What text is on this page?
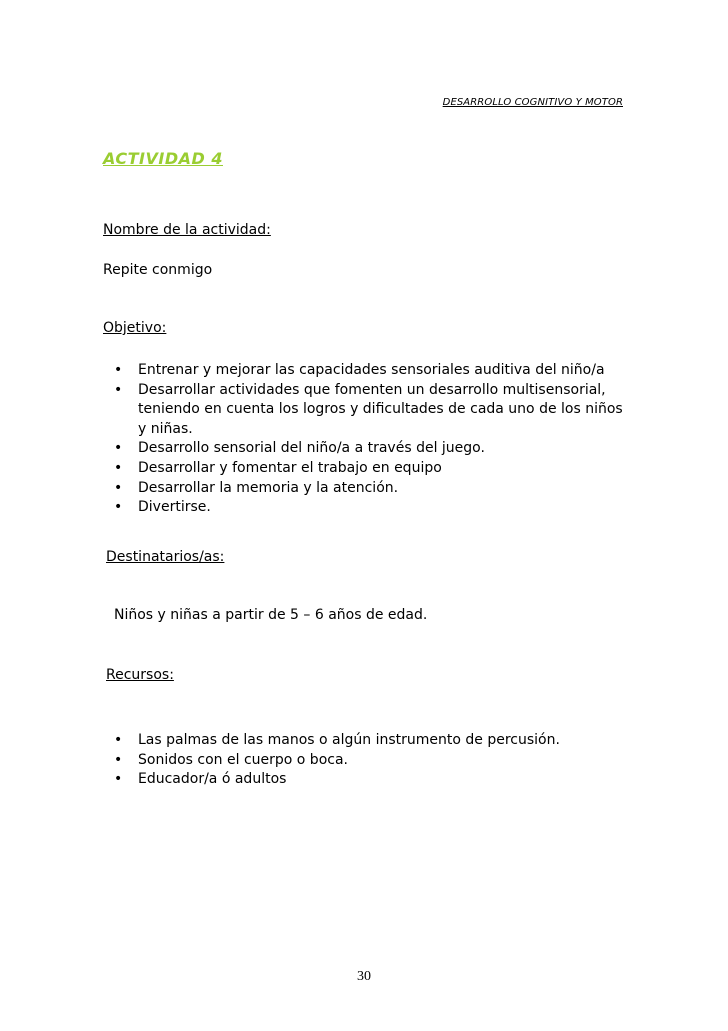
DESARROLLO COGNITIVO Y MOTOR
ACTIVIDAD 4
Nombre de la actividad:
Repite conmigo
Objetivo:
•	Entrenar y mejorar las capacidades sensoriales auditiva del niño/a
•	Desarrollar actividades que fomenten un desarrollo multisensorial, teniendo en cuenta los logros y dificultades de cada uno de los niños y niñas.
•	Desarrollo sensorial del niño/a a través del juego.
•	Desarrollar y fomentar el trabajo en equipo
•	Desarrollar la memoria y la atención.
•	Divertirse.
Destinatarios/as:
Niños y niñas a partir de 5 – 6 años de edad.
Recursos:
•	Las palmas de las manos o algún instrumento de percusión.
•	Sonidos con el cuerpo o boca.
•	Educador/a ó adultos
30
